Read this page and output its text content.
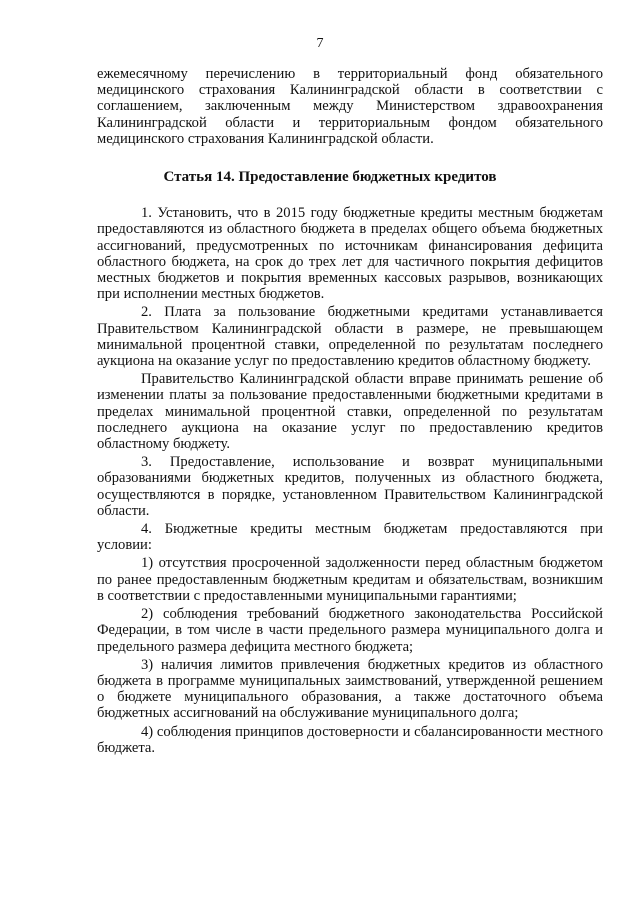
7

ежемесячному перечислению в территориальный фонд обязательного медицинского страхования Калининградской области в соответствии с соглашением, заключенным между Министерством здравоохранения Калининградской области и территориальным фондом обязательного медицинского страхования Калининградской области.

Статья 14. Предоставление бюджетных кредитов

1. Установить, что в 2015 году бюджетные кредиты местным бюджетам предоставляются из областного бюджета в пределах общего объема бюджетных ассигнований, предусмотренных по источникам финансирования дефицита областного бюджета, на срок до трех лет для частичного покрытия дефицитов местных бюджетов и покрытия временных кассовых разрывов, возникающих при исполнении местных бюджетов.

2. Плата за пользование бюджетными кредитами устанавливается Правительством Калининградской области в размере, не превышающем минимальной процентной ставки, определенной по результатам последнего аукциона на оказание услуг по предоставлению кредитов областному бюджету.

Правительство Калининградской области вправе принимать решение об изменении платы за пользование предоставленными бюджетными кредитами в пределах минимальной процентной ставки, определенной по результатам последнего аукциона на оказание услуг по предоставлению кредитов областному бюджету.

3. Предоставление, использование и возврат муниципальными образованиями бюджетных кредитов, полученных из областного бюджета, осуществляются в порядке, установленном Правительством Калининградской области.

4. Бюджетные кредиты местным бюджетам предоставляются при условии:

1) отсутствия просроченной задолженности перед областным бюджетом по ранее предоставленным бюджетным кредитам и обязательствам, возникшим в соответствии с предоставленными муниципальными гарантиями;

2) соблюдения требований бюджетного законодательства Российской Федерации, в том числе в части предельного размера муниципального долга и предельного размера дефицита местного бюджета;

3) наличия лимитов привлечения бюджетных кредитов из областного бюджета в программе муниципальных заимствований, утвержденной решением о бюджете муниципального образования, а также достаточного объема бюджетных ассигнований на обслуживание муниципального долга;

4) соблюдения принципов достоверности и сбалансированности местного бюджета.
